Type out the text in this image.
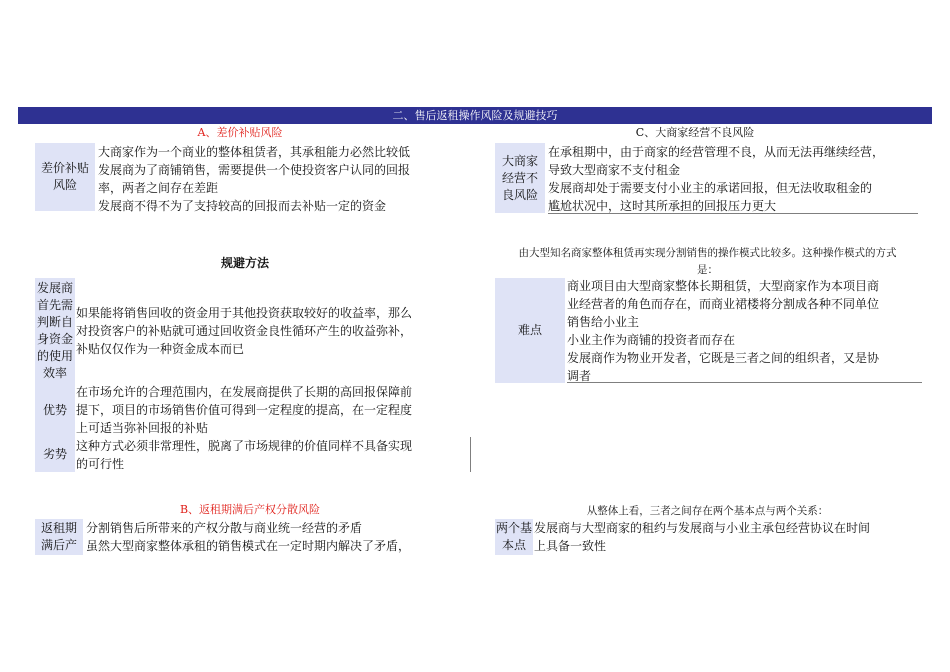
二、售后返租操作风险及规避技巧
A、差价补贴风险
差价补贴风险
大商家作为一个商业的整体租赁者，其承租能力必然比较低
发展商为了商铺销售，需要提供一个使投资客户认同的回报
率，两者之间存在差距
发展商不得不为了支持较高的回报而去补贴一定的资金
C、大商家经营不良风险
大商家经营不良风险
在承租期中，由于商家的经营管理不良，从而无法再继续经营，
导致大型商家不支付租金
发展商却处于需要支付小业主的承诺回报，但无法收取租金的
尴尬状况中，这时其所承担的回报压力更大
规避方法
发展商首先需判断自身资金的使用效率
如果能将销售回收的资金用于其他投资获取较好的收益率，那么
对投资客户的补贴就可通过回收资金良性循环产生的收益弥补，
补贴仅仅作为一种资金成本而已
优势
在市场允许的合理范围内，在发展商提供了长期的高回报保障前
提下，项目的市场销售价值可得到一定程度的提高，在一定程度
上可适当弥补回报的补贴
劣势
这种方式必须非常理性，脱离了市场规律的价值同样不具备实现
的可行性
由大型知名商家整体租赁再实现分割销售的操作模式比较多。这种操作模式的方式
是：
难点
商业项目由大型商家整体长期租赁，大型商家作为本项目商
业经营者的角色而存在，而商业裙楼将分割成各种不同单位
销售给小业主
小业主作为商铺的投资者而存在
发展商作为物业开发者，它既是三者之间的组织者，又是协
调者
B、返租期满后产权分散风险
返租期
满后产
分割销售后所带来的产权分散与商业统一经营的矛盾
虽然大型商家整体承租的销售模式在一定时期内解决了矛盾，
从整体上看，三者之间存在两个基本点与两个关系：
两个基
本点
发展商与大型商家的租约与发展商与小业主承包经营协议在时间
上具备一致性
